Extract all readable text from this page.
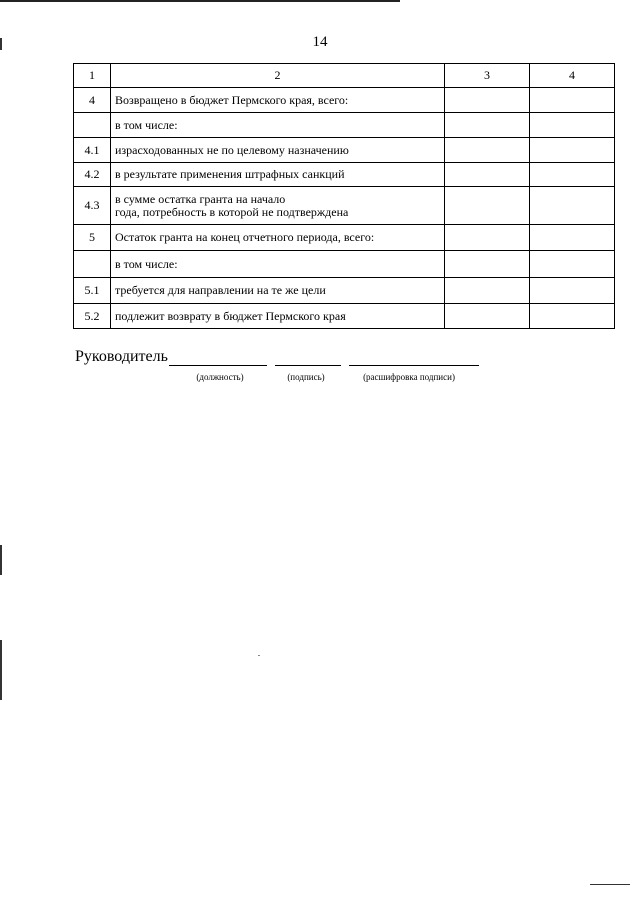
14
1	2	3	4
4	Возвращено в бюджет Пермского края, всего:		
	в том числе:		
4.1	израсходованных не по целевому назначению		
4.2	в результате применения штрафных санкций		
4.3	в сумме остатка гранта на начало
года, потребность в которой не подтверждена		

5	Остаток гранта на конец отчетного периода, всего:		
	в том числе:		
5.1	требуется для направлении на те же цели		
5.2	подлежит возврату в бюджет Пермского края		
Руководитель
(должность)	(подпись)	(расшифровка подписи)
